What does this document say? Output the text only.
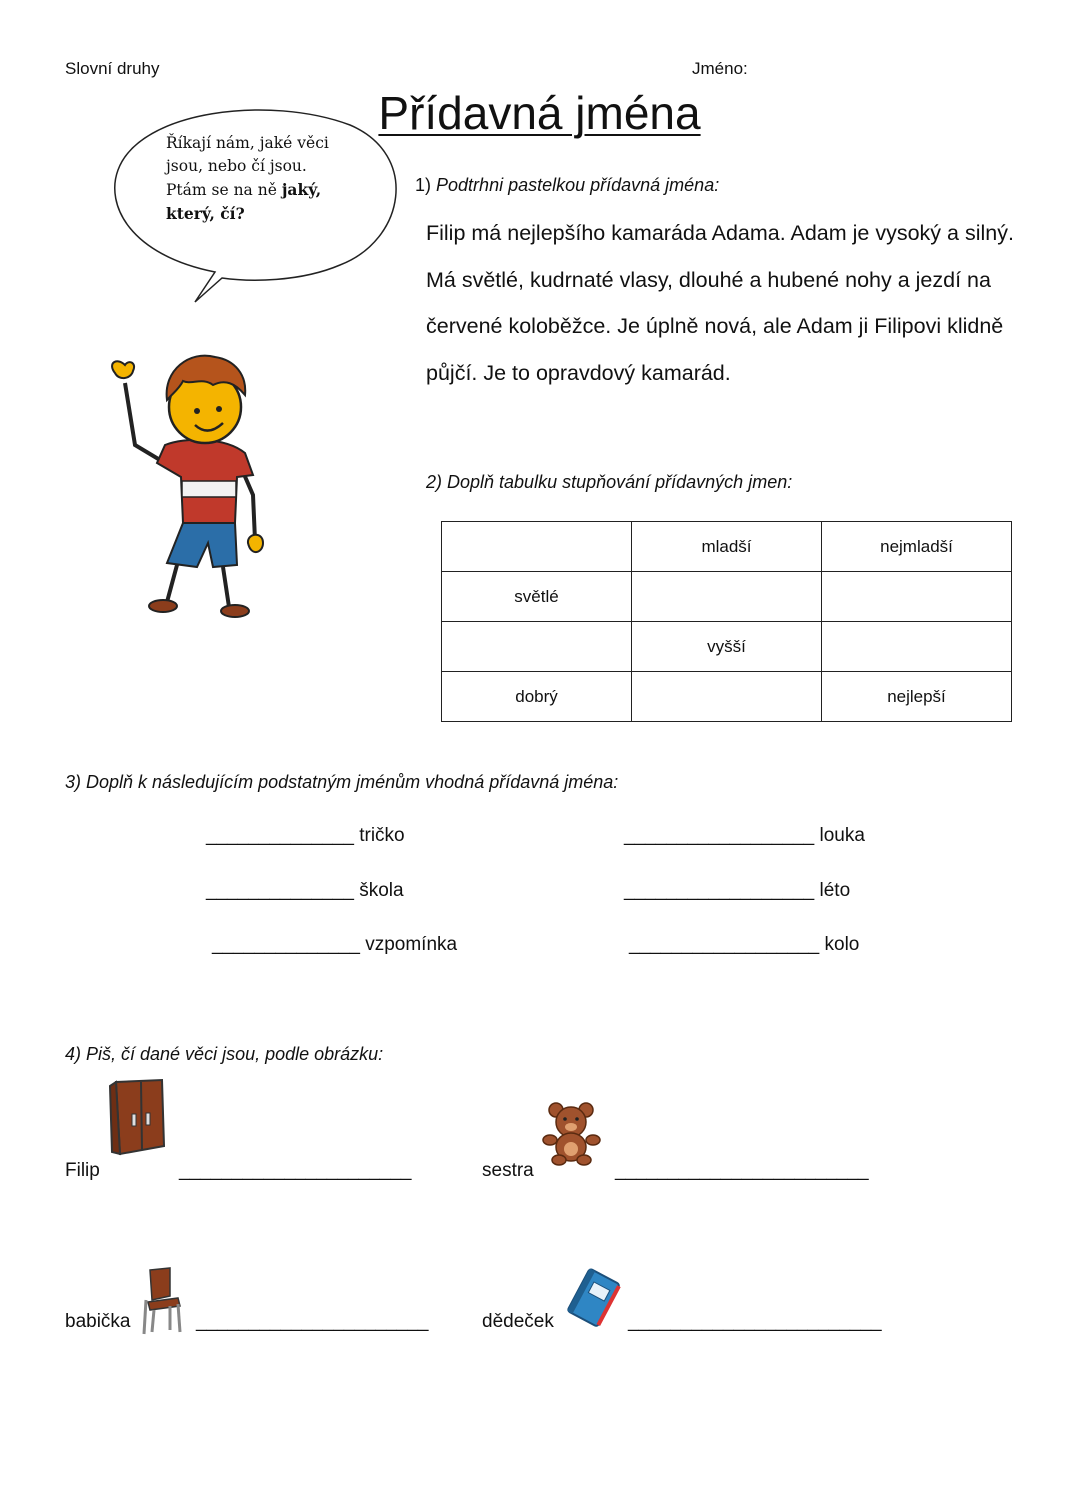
Slovní druhy	Jméno:
Přídavná jména
Říkají nám, jaké věci jsou, nebo čí jsou. Ptám se na ně jaký, který, čí?
1) Podtrhni pastelkou přídavná jména:
Filip má nejlepšího kamaráda Adama. Adam je vysoký a silný. Má světlé, kudrnaté vlasy, dlouhé a hubené nohy a jezdí na červené koloběžce. Je úplně nová, ale Adam ji Filipovi klidně půjčí. Je to opravdový kamarád.
2) Doplň tabulku stupňování přídavných jmen:
	mladší	nejmladší
světlé		
	vyšší	
dobrý		nejlepší
3) Doplň k následujícím podstatným jménům vhodná přídavná jména:
______________ tričko
______________ škola
______________ vzpomínka
__________________ louka
__________________ léto
__________________ kolo
4) Piš, čí dané věci jsou, podle obrázku:
Filip	______________________	sestra	________________________
babička	______________________	dědeček	________________________
